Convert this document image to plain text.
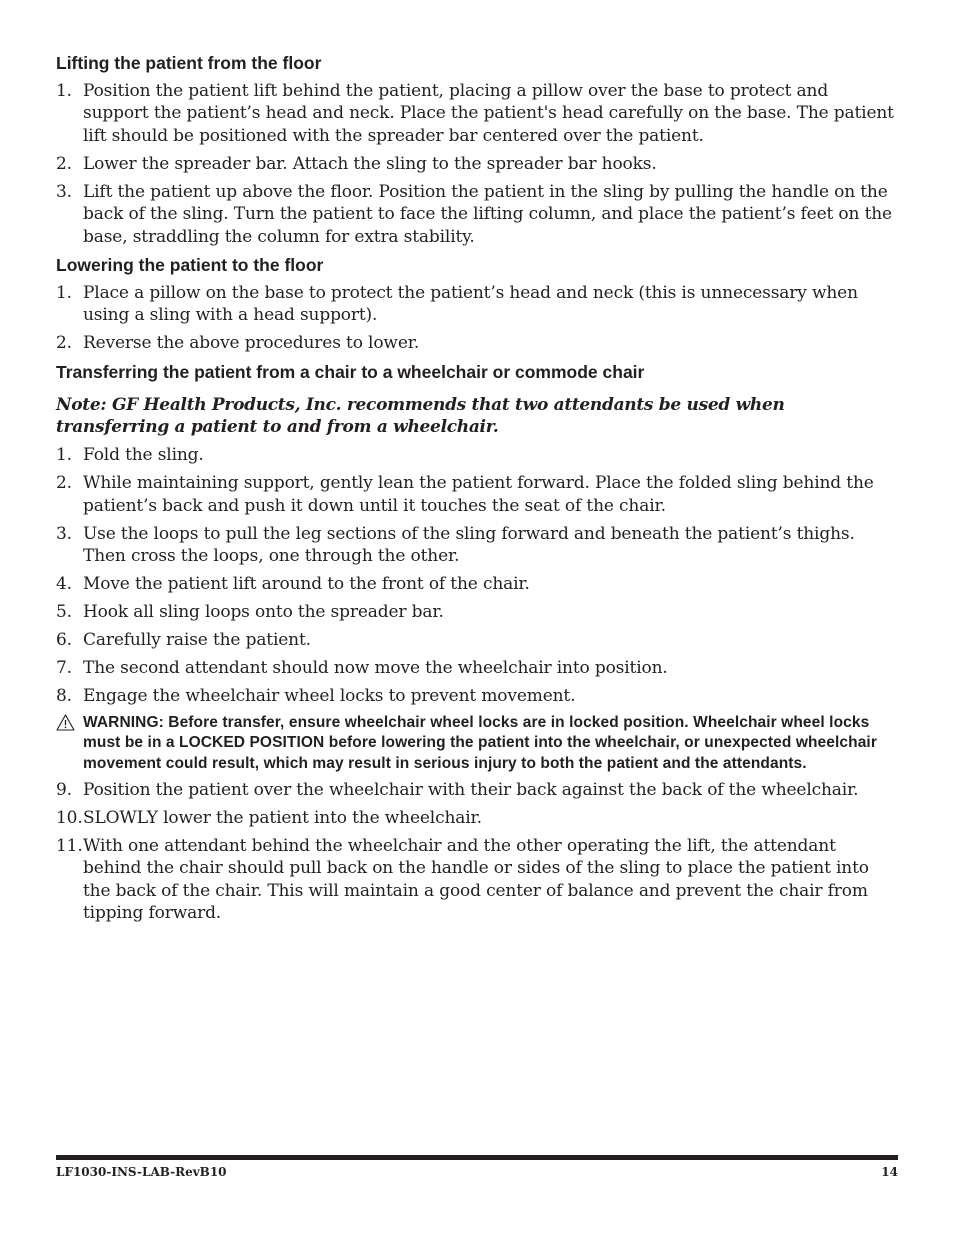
Lifting the patient from the floor
1. Position the patient lift behind the patient, placing a pillow over the base to protect and support the patient’s head and neck. Place the patient's head carefully on the base. The patient lift should be positioned with the spreader bar centered over the patient.
2. Lower the spreader bar. Attach the sling to the spreader bar hooks.
3. Lift the patient up above the floor. Position the patient in the sling by pulling the handle on the back of the sling. Turn the patient to face the lifting column, and place the patient’s feet on the base, straddling the column for extra stability.
Lowering the patient to the floor
1. Place a pillow on the base to protect the patient’s head and neck (this is unnecessary when using a sling with a head support).
2. Reverse the above procedures to lower.
Transferring the patient from a chair to a wheelchair or commode chair

Note: GF Health Products, Inc. recommends that two attendants be used when transferring a patient to and from a wheelchair.

1. Fold the sling.
2. While maintaining support, gently lean the patient forward. Place the folded sling behind the patient’s back and push it down until it touches the seat of the chair.
3. Use the loops to pull the leg sections of the sling forward and beneath the patient’s thighs. Then cross the loops, one through the other.
4. Move the patient lift around to the front of the chair.
5. Hook all sling loops onto the spreader bar.
6. Carefully raise the patient.
7. The second attendant should now move the wheelchair into position.
8. Engage the wheelchair wheel locks to prevent movement.
WARNING: Before transfer, ensure wheelchair wheel locks are in locked position. Wheelchair wheel locks must be in a LOCKED POSITION before lowering the patient into the wheelchair, or unexpected wheelchair movement could result, which may result in serious injury to both the patient and the attendants.
9. Position the patient over the wheelchair with their back against the back of the wheelchair.
10. SLOWLY lower the patient into the wheelchair.
11. With one attendant behind the wheelchair and the other operating the lift, the attendant behind the chair should pull back on the handle or sides of the sling to place the patient into the back of the chair. This will maintain a good center of balance and prevent the chair from tipping forward.
LF1030-INS-LAB-RevB10	14
